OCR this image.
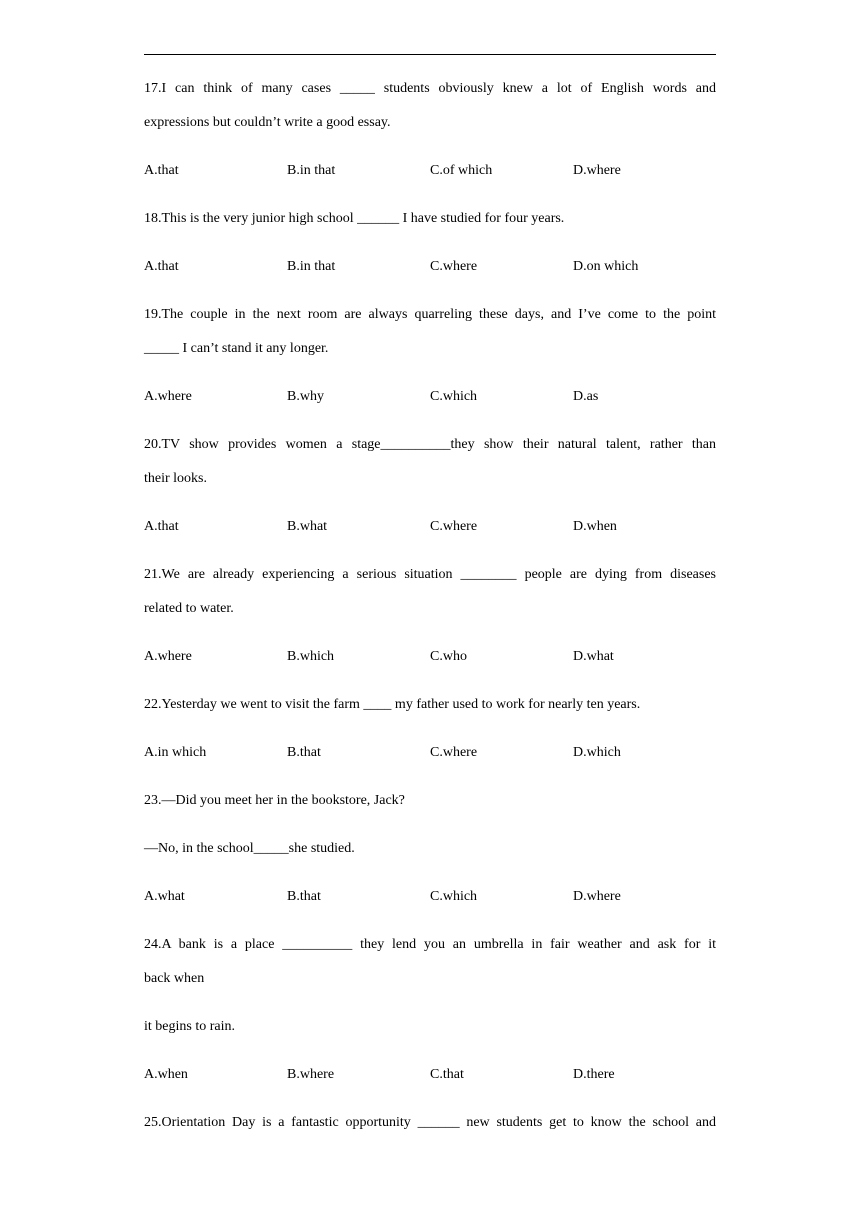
17.I can think of many cases _____ students obviously knew a lot of English words and
expressions but couldn’t write a good essay.
A.that	B.in that	C.of which	D.where
18.This is the very junior high school ______ I have studied for four years.
A.that	B.in that	C.where	D.on which
19.The couple in the next room are always quarreling these days, and I’ve come to the point
_____ I can’t stand it any longer.
A.where	B.why	C.which	D.as
20.TV show provides women a stage__________they show their natural talent, rather than
their looks.
A.that	B.what	C.where	D.when
21.We are already experiencing a serious situation ________ people are dying from diseases
related to water.
A.where	B.which	C.who	D.what
22.Yesterday we went to visit the farm ____ my father used to work for nearly ten years.
A.in which	B.that	C.where	D.which
23.—Did you meet her in the bookstore, Jack?
—No, in the school_____she studied.
A.what	B.that	C.which	D.where
24.A bank is a place __________ they lend you an umbrella in fair weather and ask for it
back when
it begins to rain.
A.when	B.where	C.that	D.there
25.Orientation Day is a fantastic opportunity ______ new students get to know the school and
